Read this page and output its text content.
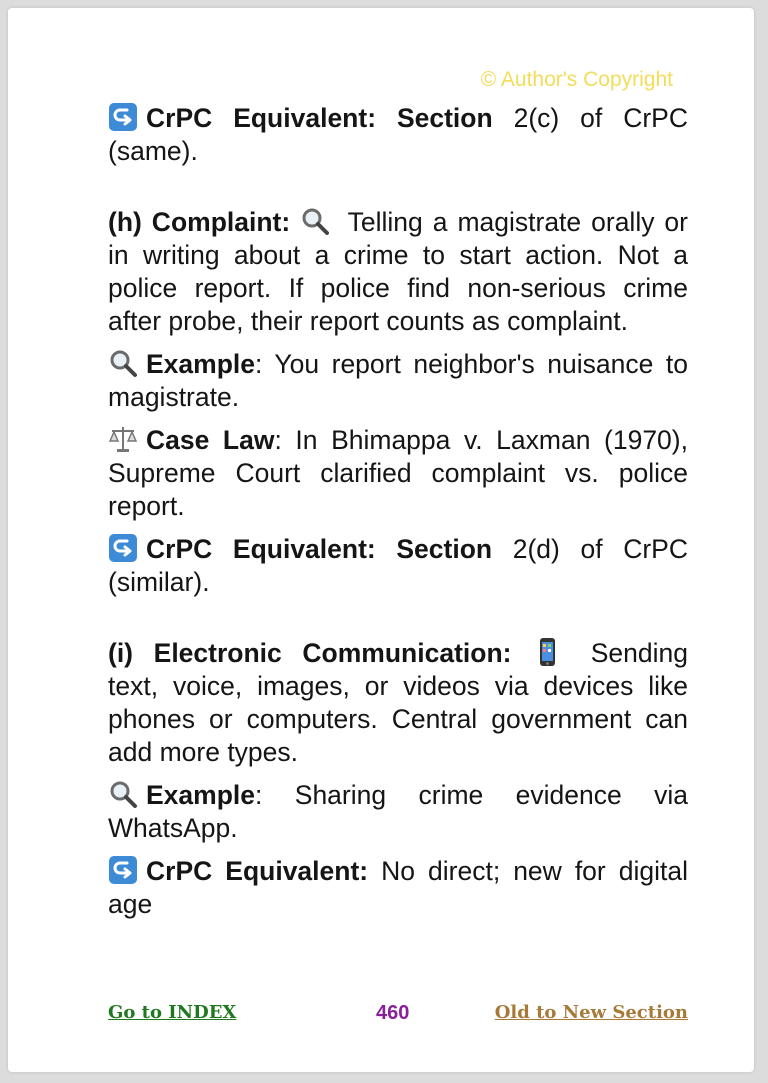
© Author's Copyright

CrPC Equivalent: Section 2(c) of CrPC (same).

(h) Complaint:
Telling a magistrate orally or in writing about a crime to start action. Not a police report. If police find non-serious crime after probe, their report counts as complaint.

Example: You report neighbor's nuisance to magistrate.

Case Law: In Bhimappa v. Laxman (1970), Supreme Court clarified complaint vs. police report.

CrPC Equivalent: Section 2(d) of CrPC (similar).

(i) Electronic Communication:
Sending text, voice, images, or videos via devices like phones or computers. Central government can add more types.

Example: Sharing crime evidence via WhatsApp.

CrPC Equivalent: No direct; new for digital age

Go to INDEX	460	Old to New Section
